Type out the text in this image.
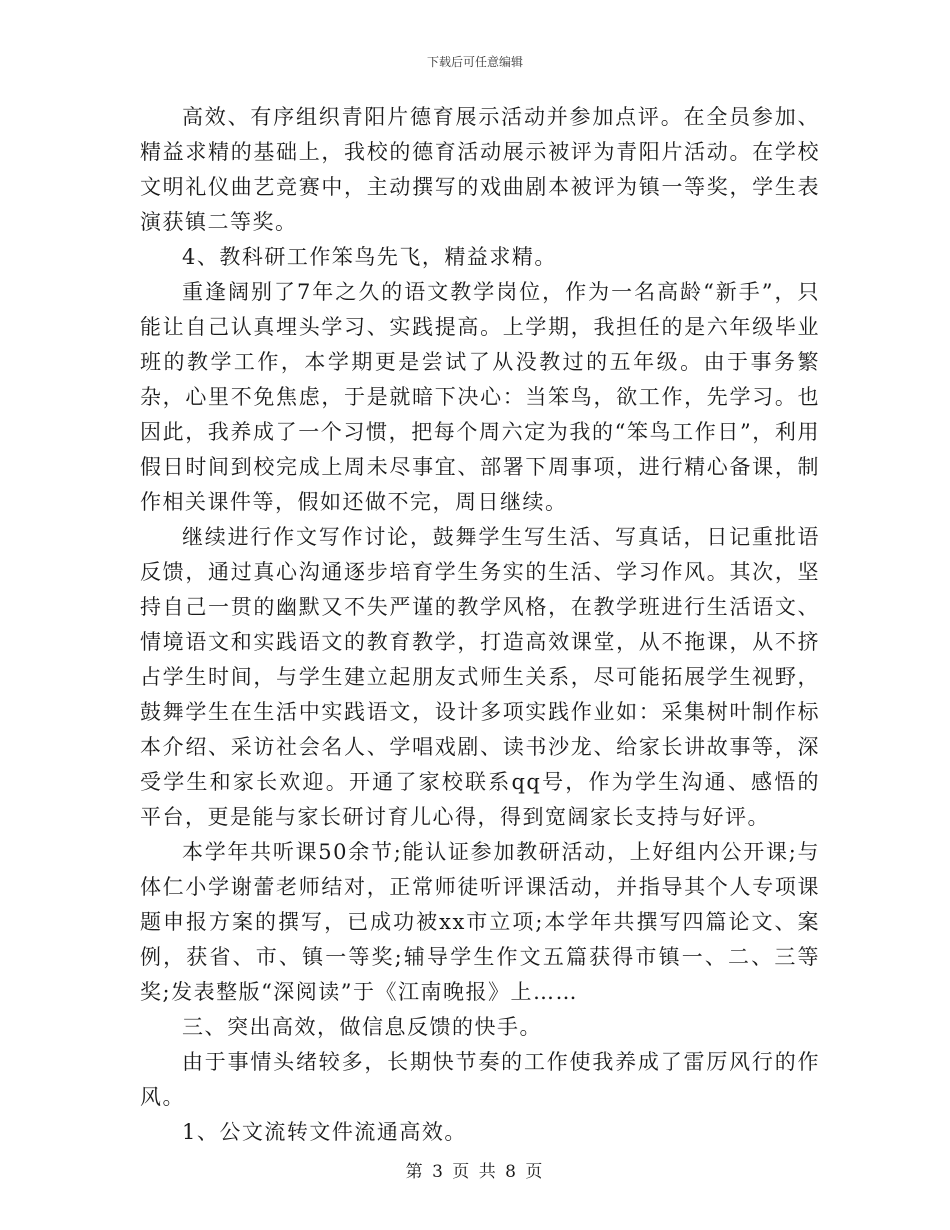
下载后可任意编辑

高效、有序组织青阳片德育展示活动并参加点评。在全员参加、精益求精的基础上，我校的德育活动展示被评为青阳片活动。在学校文明礼仪曲艺竞赛中，主动撰写的戏曲剧本被评为镇一等奖，学生表演获镇二等奖。

4、教科研工作笨鸟先飞，精益求精。

重逢阔别了7年之久的语文教学岗位，作为一名高龄“新手”，只能让自己认真埋头学习、实践提高。上学期，我担任的是六年级毕业班的教学工作，本学期更是尝试了从没教过的五年级。由于事务繁杂，心里不免焦虑，于是就暗下决心：当笨鸟，欲工作，先学习。也因此，我养成了一个习惯，把每个周六定为我的“笨鸟工作日”，利用假日时间到校完成上周未尽事宜、部署下周事项，进行精心备课，制作相关课件等，假如还做不完，周日继续。

继续进行作文写作讨论，鼓舞学生写生活、写真话，日记重批语反馈，通过真心沟通逐步培育学生务实的生活、学习作风。其次，坚持自己一贯的幽默又不失严谨的教学风格，在教学班进行生活语文、情境语文和实践语文的教育教学，打造高效课堂，从不拖课，从不挤占学生时间，与学生建立起朋友式师生关系，尽可能拓展学生视野，鼓舞学生在生活中实践语文，设计多项实践作业如：采集树叶制作标本介绍、采访社会名人、学唱戏剧、读书沙龙、给家长讲故事等，深受学生和家长欢迎。开通了家校联系qq号，作为学生沟通、感悟的平台，更是能与家长研讨育儿心得，得到宽阔家长支持与好评。

本学年共听课50余节;能认证参加教研活动，上好组内公开课;与体仁小学谢蕾老师结对，正常师徒听评课活动，并指导其个人专项课题申报方案的撰写，已成功被xx市立项;本学年共撰写四篇论文、案例，获省、市、镇一等奖;辅导学生作文五篇获得市镇一、二、三等奖;发表整版“深阅读”于《江南晚报》上……

三、突出高效，做信息反馈的快手。

由于事情头绪较多，长期快节奏的工作使我养成了雷厉风行的作风。

1、公文流转文件流通高效。

第 3 页 共 8 页
